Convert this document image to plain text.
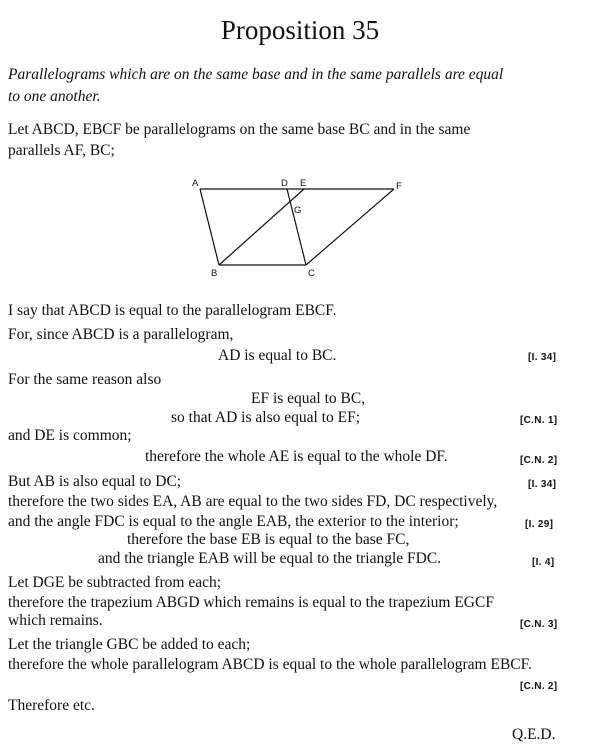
Proposition 35
Parallelograms which are on the same base and in the same parallels are equal
to one another.
Let ABCD, EBCF be parallelograms on the same base BC and in the same
parallels AF, BC;
A	D E	F
G
B	C
I say that ABCD is equal to the parallelogram EBCF.
For, since ABCD is a parallelogram,
AD is equal to BC.	[I. 34]
For the same reason also
EF is equal to BC,
so that AD is also equal to EF;	[C.N. 1]
and DE is common;
therefore the whole AE is equal to the whole DF.	[C.N. 2]
But AB is also equal to DC;	[I. 34]
therefore the two sides EA, AB are equal to the two sides FD, DC respectively,
and the angle FDC is equal to the angle EAB, the exterior to the interior;	[I. 29]
therefore the base EB is equal to the base FC,
and the triangle EAB will be equal to the triangle FDC.	[I. 4]
Let DGE be subtracted from each;
therefore the trapezium ABGD which remains is equal to the trapezium EGCF
which remains.	[C.N. 3]
Let the triangle GBC be added to each;
therefore the whole parallelogram ABCD is equal to the whole parallelogram EBCF.
[C.N. 2]
Therefore etc.
Q.E.D.
